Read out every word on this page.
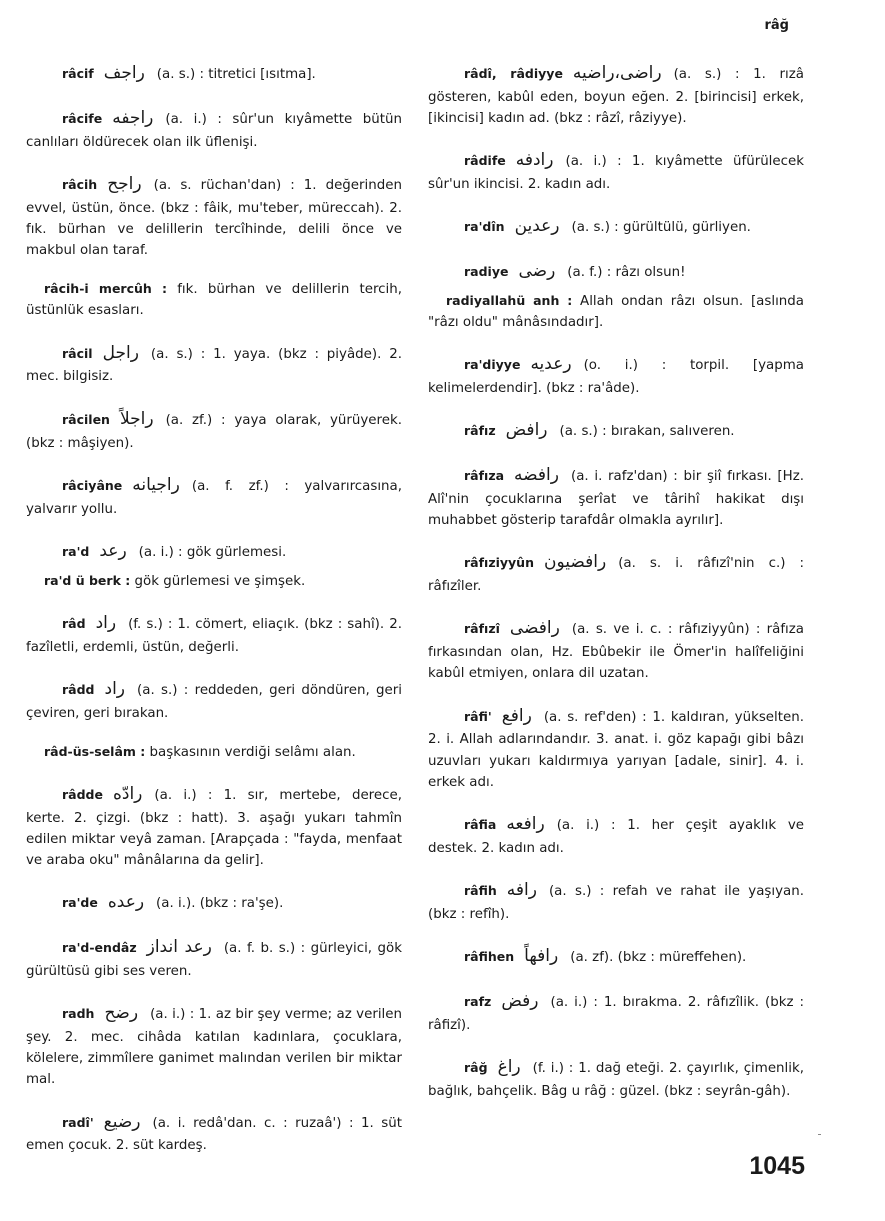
râğ
râcif راجف (a. s.) : titretici [ısıtma].
râcife راجفه (a. i.) : sûr'un kıyâmette bütün canlıları öldürecek olan ilk üflenişi.
râcih راجح (a. s. rüchan'dan) : 1. değerinden evvel, üstün, önce. (bkz : fâik, mu'teber, müreccah). 2. fık. bürhan ve delillerin tercîhinde, delili önce ve makbul olan taraf.
râcih-i mercûh : fık. bürhan ve delillerin tercih, üstünlük esasları.
râcil راجل (a. s.) : 1. yaya. (bkz : piyâde). 2. mec. bilgisiz.
râcilen راجلاً (a. zf.) : yaya olarak, yürüyerek. (bkz : mâşiyen).
râciyâne راجيانه (a. f. zf.) : yalvarırcasına, yalvarır yollu.
ra'd رعد (a. i.) : gök gürlemesi.
ra'd ü berk : gök gürlemesi ve şimşek.
râd راد (f. s.) : 1. cömert, eliaçık. (bkz : sahî). 2. fazîletli, erdemli, üstün, değerli.
râdd راد (a. s.) : reddeden, geri döndüren, geri çeviren, geri bırakan.
râd-üs-selâm : başkasının verdiği selâmı alan.
râdde رادّه (a. i.) : 1. sır, mertebe, derece, kerte. 2. çizgi. (bkz : hatt). 3. aşağı yukarı tahmîn edilen miktar veyâ zaman. [Arapçada : "fayda, menfaat ve araba oku" mânâlarına da gelir].
ra'de رعده (a. i.). (bkz : ra'şe).
ra'd-endâz رعد انداز (a. f. b. s.) : gürleyici, gök gürültüsü gibi ses veren.
radh رضح (a. i.) : 1. az bir şey verme; az verilen şey. 2. mec. cihâda katılan kadınlara, çocuklara, kölelere, zimmîlere ganimet malından verilen bir miktar mal.
radî' رضيع (a. i. redâ'dan. c. : ruzaâ') : 1. süt emen çocuk. 2. süt kardeş.
râdî, râdiyye راضى،راضيه (a. s.) : 1. rızâ gösteren, kabûl eden, boyun eğen. 2. [birincisi] erkek, [ikincisi] kadın ad. (bkz : râzî, râziyye).
râdife رادفه (a. i.) : 1. kıyâmette üfürülecek sûr'un ikincisi. 2. kadın adı.
ra'dîn رعدين (a. s.) : gürültülü, gürliyen.
radiye رضى (a. f.) : râzı olsun!
radiyallahü anh : Allah ondan râzı olsun. [aslında "râzı oldu" mânâsındadır].
ra'diyye رعديه (o. i.) : torpil. [yapma kelimelerdendir]. (bkz : ra'âde).
râfız رافض (a. s.) : bırakan, salıveren.
râfıza رافضه (a. i. rafz'dan) : bir şiî fırkası. [Hz. Alî'nin çocuklarına şerîat ve târihî hakikat dışı muhabbet gösterip tarafdâr olmakla ayrılır].
râfıziyyûn رافضيون (a. s. i. râfızî'nin c.) : râfızîler.
râfızî رافضى (a. s. ve i. c. : râfıziyyûn) : râfıza fırkasından olan, Hz. Ebûbekir ile Ömer'in halîfeliğini kabûl etmiyen, onlara dil uzatan.
râfi' رافع (a. s. ref'den) : 1. kaldıran, yükselten. 2. i. Allah adlarındandır. 3. anat. i. göz kapağı gibi bâzı uzuvları yukarı kaldırmıya yarıyan [adale, sinir]. 4. i. erkek adı.
râfia رافعه (a. i.) : 1. her çeşit ayaklık ve destek. 2. kadın adı.
râfih رافه (a. s.) : refah ve rahat ile yaşıyan. (bkz : refîh).
râfihen رافهاً (a. zf). (bkz : müreffehen).
rafz رفض (a. i.) : 1. bırakma. 2. râfızîlik. (bkz : râfizî).
râğ راغ (f. i.) : 1. dağ eteği. 2. çayırlık, çimenlik, bağlık, bahçelik. Bâg u râğ : güzel. (bkz : seyrân-gâh).
1045
